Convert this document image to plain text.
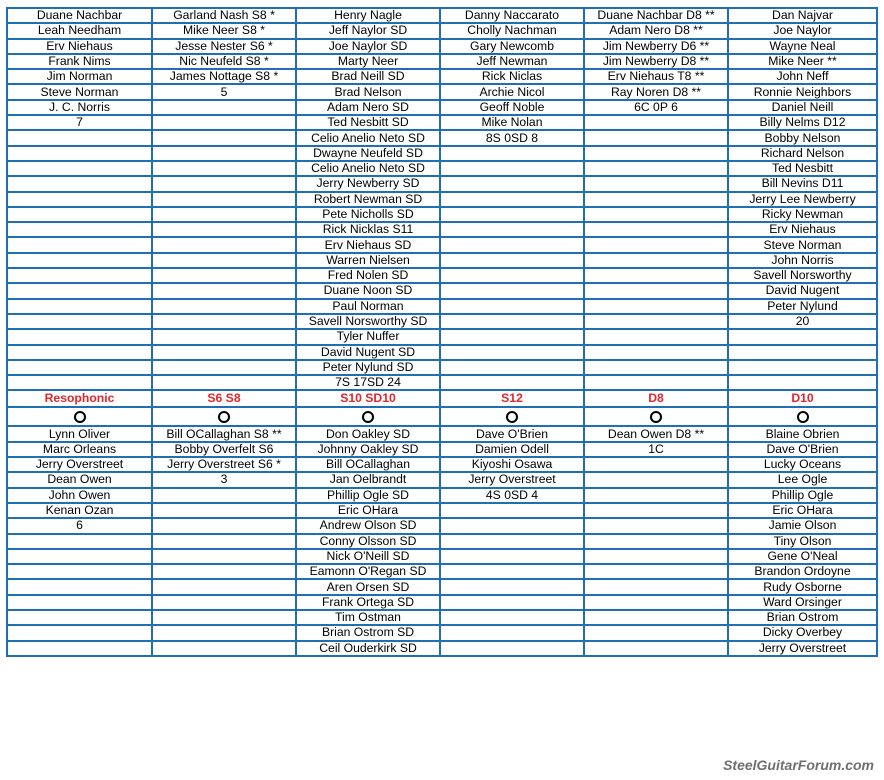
Duane Nachbar	Garland Nash S8 *	Henry Nagle	Danny Naccarato	Duane Nachbar D8 **	Dan Najvar
Leah Needham	Mike Neer S8 *	Jeff Naylor SD	Cholly Nachman	Adam Nero D8 **	Joe Naylor
Erv Niehaus	Jesse Nester S6 *	Joe Naylor SD	Gary Newcomb	Jim Newberry D6 **	Wayne Neal
Frank Nims	Nic Neufeld S8 *	Marty Neer	Jeff Newman	Jim Newberry D8 **	Mike Neer **
Jim Norman	James Nottage S8 *	Brad Neill SD	Rick Niclas	Erv Niehaus T8 **	John Neff
Steve Norman	5	Brad Nelson	Archie Nicol	Ray Noren D8 **	Ronnie Neighbors
J. C. Norris		Adam Nero SD	Geoff Noble	6C 0P 6	Daniel Neill
7		Ted Nesbitt SD	Mike Nolan		Billy Nelms D12
		Celio Anelio Neto SD	8S 0SD 8		Bobby Nelson
		Dwayne Neufeld SD			Richard Nelson
		Celio Anelio Neto SD			Ted Nesbitt
		Jerry Newberry SD			Bill Nevins D11
		Robert Newman SD			Jerry Lee Newberry
		Pete Nicholls SD			Ricky Newman
		Rick Nicklas S11			Erv Niehaus
		Erv Niehaus SD			Steve Norman
		Warren Nielsen			John Norris
		Fred Nolen SD			Savell Norsworthy
		Duane Noon SD			David Nugent
		Paul Norman			Peter Nylund
		Savell Norsworthy SD			20
		Tyler Nuffer			
		David Nugent SD			
		Peter Nylund SD			
		7S 17SD 24			
Resophonic	S6 S8	S10 SD10	S12	D8	D10

Lynn Oliver	Bill OCallaghan S8 **	Don Oakley SD	Dave O'Brien	Dean Owen D8 **	Blaine Obrien
Marc Orleans	Bobby Overfelt S6	Johnny Oakley SD	Damien Odell	1C	Dave O'Brien
Jerry Overstreet	Jerry Overstreet S6 *	Bill OCallaghan	Kiyoshi Osawa		Lucky Oceans
Dean Owen	3	Jan Oelbrandt	Jerry Overstreet		Lee Ogle
John Owen		Phillip Ogle SD	4S 0SD 4		Phillip Ogle
Kenan Ozan		Eric OHara			Eric OHara
6		Andrew Olson SD			Jamie Olson
		Conny Olsson SD			Tiny Olson
		Nick O'Neill SD			Gene O'Neal
		Eamonn O'Regan SD			Brandon Ordoyne
		Aren Orsen SD			Rudy Osborne
		Frank Ortega SD			Ward Orsinger
		Tim Ostman			Brian Ostrom
		Brian Ostrom SD			Dicky Overbey
		Ceil Ouderkirk SD			Jerry Overstreet
SteelGuitarForum.com
